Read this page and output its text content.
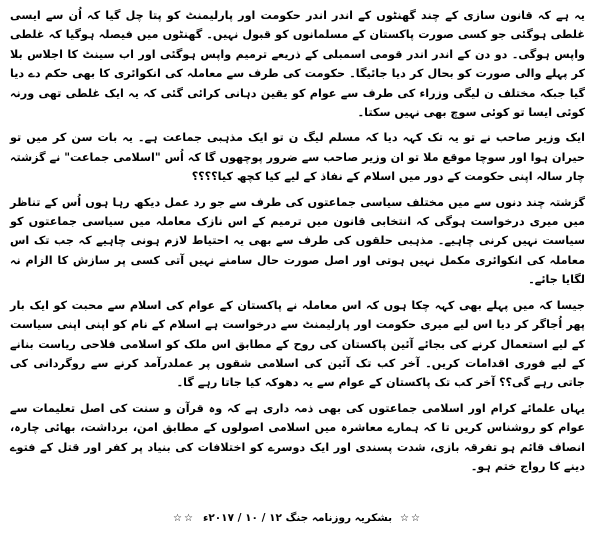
یہ ہے کہ قانون سازی کے چند گھنٹوں کے اندر اندر حکومت اور پارلیمنٹ کو پتا چل گیا کہ اُن سے ایسی غلطی ہوگئی جو کسی صورت پاکستان کے مسلمانوں کو قبول نہیں۔ گھنٹوں میں فیصلہ ہوگیا کہ غلطی واپس ہوگی۔ دو دن کے اندر اندر قومی اسمبلی کے ذریعے ترمیم واپس ہوگئی اور اب سینٹ کا اجلاس بلا کر پہلے والی صورت کو بحال کر دیا جائیگا۔ حکومت کی طرف سے معاملہ کی انکوائری کا بھی حکم دے دیا گیا جبکہ مختلف ن لیگی وزراء کی طرف سے عوام کو یقین دہانی کرائی گئی کہ یہ ایک غلطی تھی ورنہ کوئی ایسا تو کوئی سوچ بھی نہیں سکتا۔

ایک وزیر صاحب نے تو یہ تک کہہ دیا کہ مسلم لیگ ن تو ایک مذہبی جماعت ہے۔ یہ بات سن کر میں تو حیران ہوا اور سوچا موقع ملا تو ان وزیر صاحب سے ضرور پوچھوں گا کہ اُس "اسلامی جماعت" نے گزشتہ چار سالہ اپنی حکومت کے دور میں اسلام کے نفاذ کے لیے کیا کچھ کیا؟؟؟؟

گزشتہ چند دنوں سے میں مختلف سیاسی جماعتوں کی طرف سے جو رد عمل دیکھ رہا ہوں اُس کے تناظر میں میری درخواست ہوگی کہ انتخابی قانون میں ترمیم کے اس نازک معاملہ میں سیاسی جماعتوں کو سیاست نہیں کرنی چاہیے۔ مذہبی حلقوں کی طرف سے بھی یہ احتیاط لازم ہونی چاہیے کہ جب تک اس معاملہ کی انکوائری مکمل نہیں ہوتی اور اصل صورت حال سامنے نہیں آتی کسی پر سازش کا الزام نہ لگایا جائے۔

جیسا کہ میں پہلے بھی کہہ چکا ہوں کہ اس معاملہ نے پاکستان کے عوام کی اسلام سے محبت کو ایک بار پھر اُجاگر کر دیا اس لیے میری حکومت اور پارلیمنٹ سے درخواست ہے اسلام کے نام کو اپنی اپنی سیاست کے لیے استعمال کرنے کی بجائے آئین پاکستان کی روح کے مطابق اس ملک کو اسلامی فلاحی ریاست بنانے کے لیے فوری اقدامات کریں۔ آخر کب تک آئین کی اسلامی شقوں پر عملدرآمد کرنے سے روگردانی کی جاتی رہے گی؟؟ آخر کب تک پاکستان کے عوام سے یہ دھوکہ کیا جاتا رہے گا۔

یہاں علمائے کرام اور اسلامی جماعتوں کی بھی ذمہ داری ہے کہ وہ قرآن و سنت کی اصل تعلیمات سے عوام کو روشناس کریں تا کہ ہمارے معاشرہ میں اسلامی اصولوں کے مطابق امن، برداشت، بھائی چارہ، انصاف قائم ہو تفرقہ بازی، شدت پسندی اور ایک دوسرے کو اختلافات کی بنیاد پر کفر اور قتل کے فتوے دینے کا رواج ختم ہو۔

☆☆
بشکریہ روزنامہ جنگ ۱۲ / ۱۰ / ۲۰۱۷ء
☆☆
